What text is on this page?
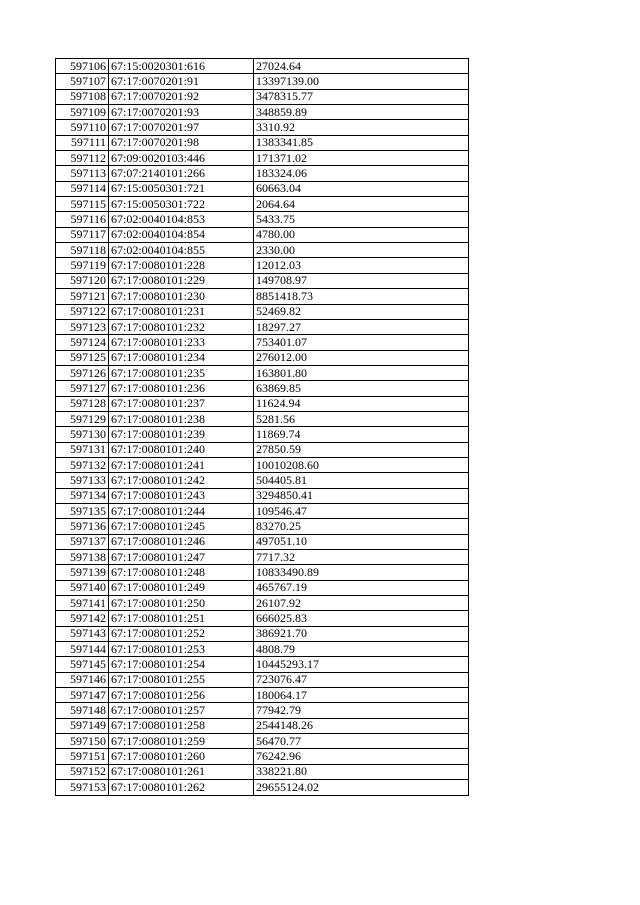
597106	67:15:0020301:616	27024.64
597107	67:17:0070201:91	13397139.00
597108	67:17:0070201:92	3478315.77
597109	67:17:0070201:93	348859.89
597110	67:17:0070201:97	3310.92
597111	67:17:0070201:98	1383341.85
597112	67:09:0020103:446	171371.02
597113	67:07:2140101:266	183324.06
597114	67:15:0050301:721	60663.04
597115	67:15:0050301:722	2064.64
597116	67:02:0040104:853	5433.75
597117	67:02:0040104:854	4780.00
597118	67:02:0040104:855	2330.00
597119	67:17:0080101:228	12012.03
597120	67:17:0080101:229	149708.97
597121	67:17:0080101:230	8851418.73
597122	67:17:0080101:231	52469.82
597123	67:17:0080101:232	18297.27
597124	67:17:0080101:233	753401.07
597125	67:17:0080101:234	276012.00
597126	67:17:0080101:235	163801.80
597127	67:17:0080101:236	63869.85
597128	67:17:0080101:237	11624.94
597129	67:17:0080101:238	5281.56
597130	67:17:0080101:239	11869.74
597131	67:17:0080101:240	27850.59
597132	67:17:0080101:241	10010208.60
597133	67:17:0080101:242	504405.81
597134	67:17:0080101:243	3294850.41
597135	67:17:0080101:244	109546.47
597136	67:17:0080101:245	83270.25
597137	67:17:0080101:246	497051.10
597138	67:17:0080101:247	7717.32
597139	67:17:0080101:248	10833490.89
597140	67:17:0080101:249	465767.19
597141	67:17:0080101:250	26107.92
597142	67:17:0080101:251	666025.83
597143	67:17:0080101:252	386921.70
597144	67:17:0080101:253	4808.79
597145	67:17:0080101:254	10445293.17
597146	67:17:0080101:255	723076.47
597147	67:17:0080101:256	180064.17
597148	67:17:0080101:257	77942.79
597149	67:17:0080101:258	2544148.26
597150	67:17:0080101:259	56470.77
597151	67:17:0080101:260	76242.96
597152	67:17:0080101:261	338221.80
597153	67:17:0080101:262	29655124.02
